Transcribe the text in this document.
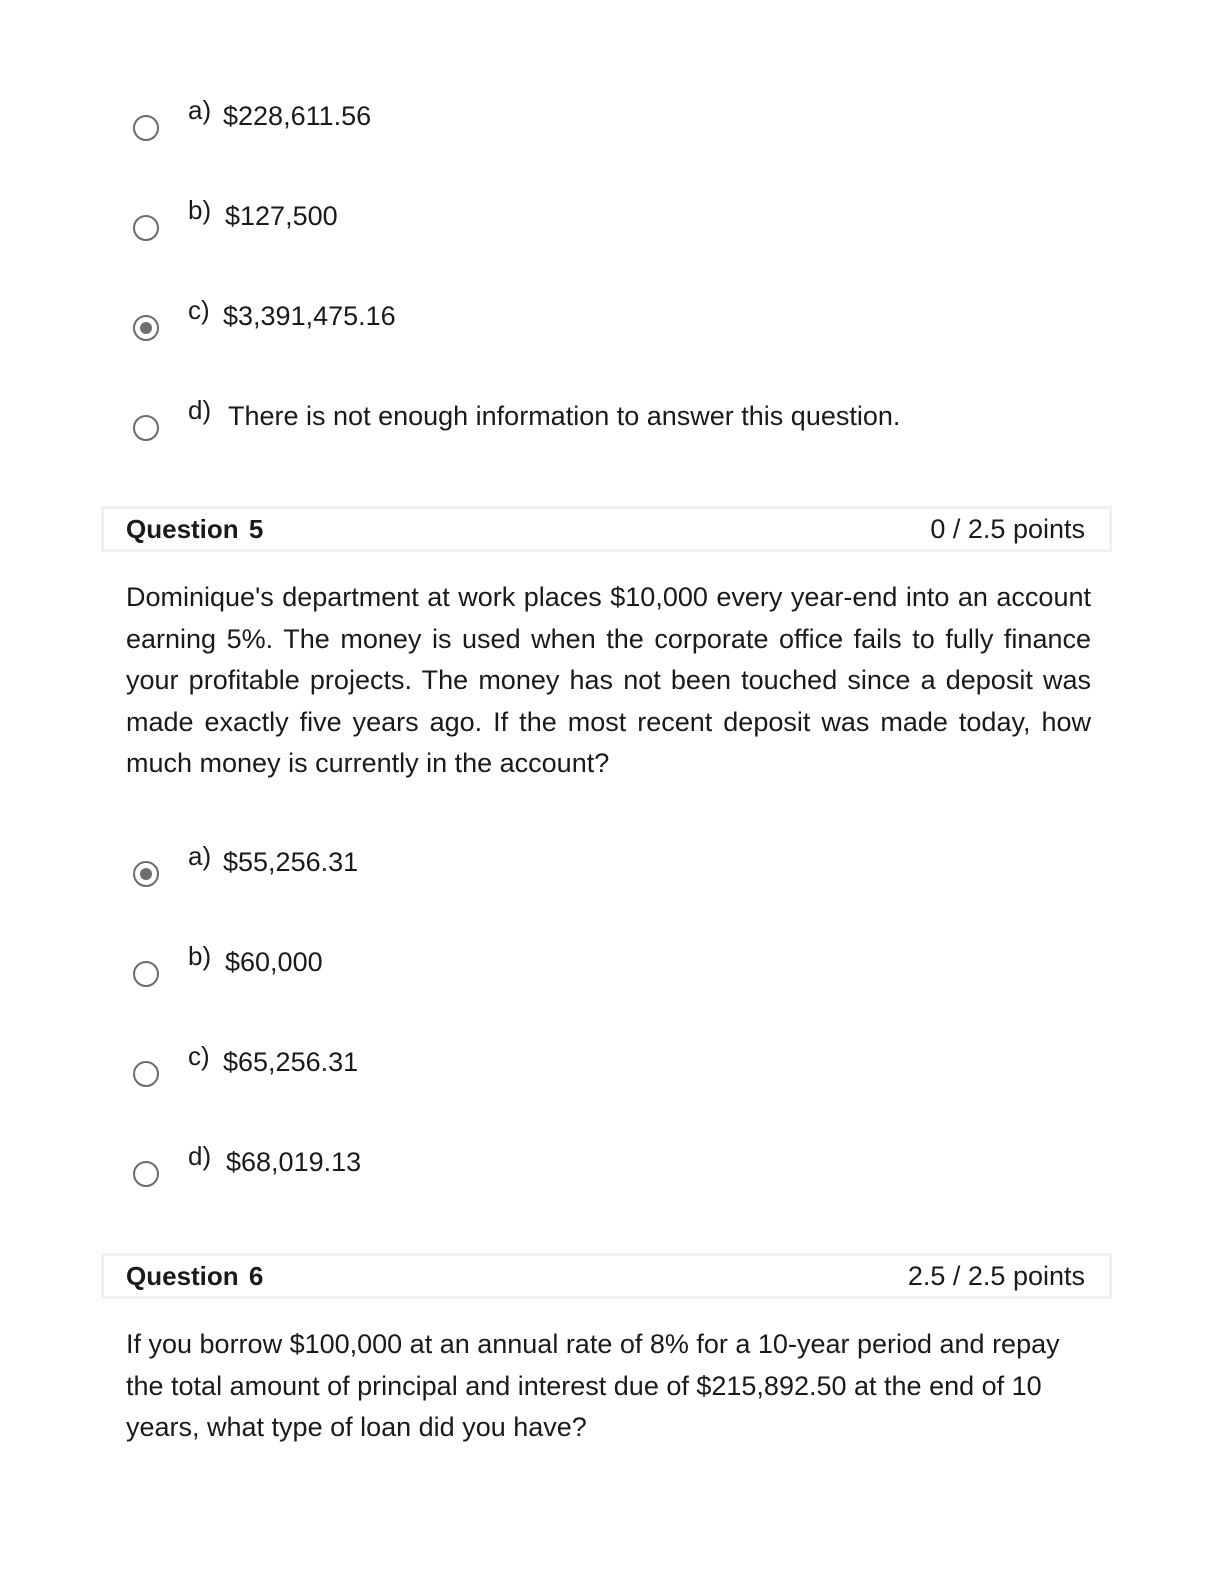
a) $228,611.56
b) $127,500
c) $3,391,475.16
d) There is not enough information to answer this question.
Question 5	0 / 2.5 points
Dominique's department at work places $10,000 every year-end into an account earning 5%. The money is used when the corporate office fails to fully finance your profitable projects. The money has not been touched since a deposit was made exactly five years ago. If the most recent deposit was made today, how much money is currently in the account?
a) $55,256.31
b) $60,000
c) $65,256.31
d) $68,019.13
Question 6	2.5 / 2.5 points
If you borrow $100,000 at an annual rate of 8% for a 10-year period and repay the total amount of principal and interest due of $215,892.50 at the end of 10 years, what type of loan did you have?
